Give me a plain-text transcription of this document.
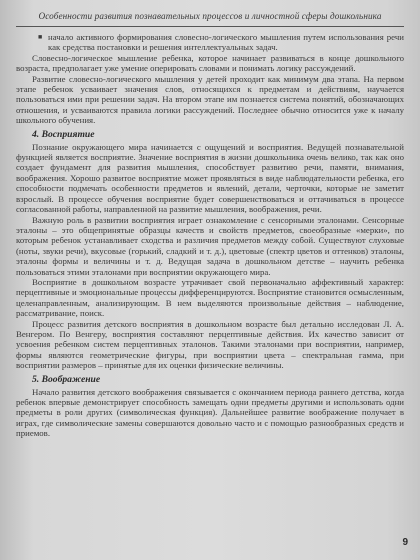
Особенности развития познавательных процессов и личностной сферы дошкольника

■ начало активного формирования словесно-логического мышления путем использования речи как средства постановки и решения интеллектуальных задач.

Словесно-логическое мышление ребенка, которое начинает развиваться в конце дошкольного возраста, предполагает уже умение оперировать словами и понимать логику рассуждений.

Развитие словесно-логического мышления у детей проходит как минимум два этапа. На первом этапе ребенок усваивает значения слов, относящихся к предметам и действиям, научается пользоваться ими при решении задач. На втором этапе им познается система понятий, обозначающих отношения, и усваиваются правила логики рассуждений. Последнее обычно относится уже к началу школьного обучения.

4. Восприятие

Познание окружающего мира начинается с ощущений и восприятия. Ведущей познавательной функцией является восприятие. Значение восприятия в жизни дошкольника очень велико, так как оно создает фундамент для развития мышления, способствует развитию речи, памяти, внимания, воображения. Хорошо развитое восприятие может проявляться в виде наблюдательности ребенка, его способности подмечать особенности предметов и явлений, детали, черточки, которые не заметит взрослый. В процессе обучения восприятие будет совершенствоваться и оттачиваться в процессе согласованной работы, направленной на развитие мышления, воображения, речи.

Важную роль в развитии восприятия играет ознакомление с сенсорными эталонами. Сенсорные эталоны – это общепринятые образцы качеств и свойств предметов, своеобразные «мерки», по которым ребенок устанавливает сходства и различия предметов между собой. Существуют слуховые (ноты, звуки речи), вкусовые (горький, сладкий и т. д.), цветовые (спектр цветов и оттенков) эталоны, эталоны формы и величины и т. д. Ведущая задача в дошкольном детстве – научить ребенка пользоваться этими эталонами при восприятии окружающего мира.

Восприятие в дошкольном возрасте утрачивает свой первоначально аффективный характер: перцептивные и эмоциональные процессы дифференцируются. Восприятие становится осмысленным, целенаправленным, анализирующим. В нем выделяются произвольные действия – наблюдение, рассматривание, поиск.

Процесс развития детского восприятия в дошкольном возрасте был детально исследован Л. А. Венгером. По Венгеру, восприятия составляют перцептивные действия. Их качество зависит от усвоения ребенком систем перцептивных эталонов. Такими эталонами при восприятии, например, формы являются геометрические фигуры, при восприятии цвета – спектральная гамма, при восприятии размеров – принятые для их оценки физические величины.

5. Воображение

Начало развития детского воображения связывается с окончанием периода раннего детства, когда ребенок впервые демонстрирует способность замещать одни предметы другими и использовать одни предметы в роли других (символическая функция). Дальнейшее развитие воображение получает в играх, где символические замены совершаются довольно часто и с помощью разнообразных средств и приемов.

9
